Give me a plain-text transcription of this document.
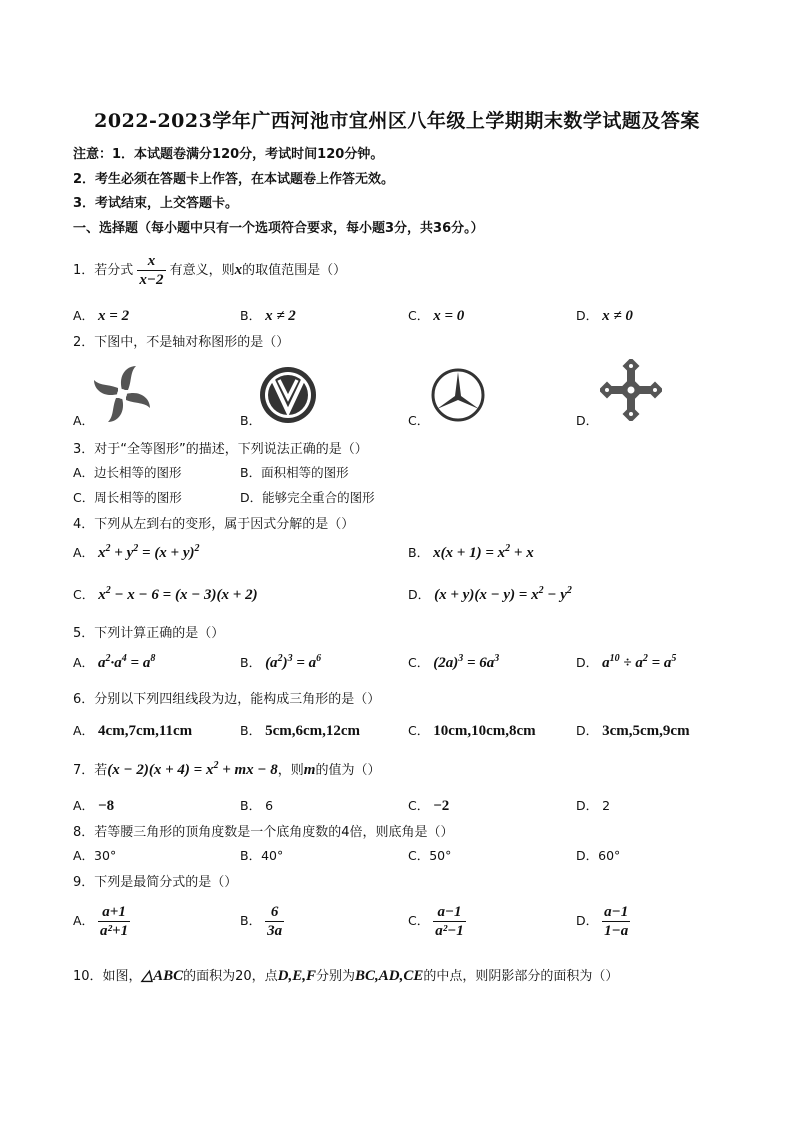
2022-2023学年广西河池市宜州区八年级上学期期末数学试题及答案
注意：1．本试题卷满分120分，考试时间120分钟。
2．考生必须在答题卡上作答，在本试题卷上作答无效。
3．考试结束，上交答题卡。
一、选择题（每小题中只有一个选项符合要求，每小题3分，共36分。）
1．若分式 $\frac{x}{x-2}$ 有意义，则x的取值范围是（）
A． x = 2	B． x ≠ 2	C． x = 0	D． x ≠ 0
2．下图中，不是轴对称图形的是（）
A．	B．	C．	D．
3．对于“全等图形”的描述，下列说法正确的是（）
A．边长相等的图形	B．面积相等的图形
C．周长相等的图形	D．能够完全重合的图形
4．下列从左到右的变形，属于因式分解的是（）
A． $x^2 + y^2 = (x + y)^2$	B． $x(x + 1) = x^2 + x$
C． $x^2 - x - 6 = (x - 3)(x + 2)$	D． $(x + y)(x - y) = x^2 - y^2$
5．下列计算正确的是（）
A． $a^2\cdot a^4 = a^8$	B． $(a^2)^3 = a^6$	C． $(2a)^3 = 6a^3$	D． $a^{10} \div a^2 = a^5$
6．分别以下列四组线段为边，能构成三角形的是（）
A． 4cm,7cm,11cm	B． 5cm,6cm,12cm	C． 10cm,10cm,8cm	D． 3cm,5cm,9cm
7．若$(x - 2)(x + 4) = x^2$ + mx − 8，则m的值为（）
A． −8	B． 6	C． −2	D． 2
8．若等腰三角形的顶角度数是一个底角度数的4倍，则底角是（）
A．30°	B．40°	C．50°	D．60°
9．下列是最简分式的是（）
A． $\frac{a+1}{\text{a²+1}}$	B． $\frac{6}{3a}$	C． $\frac{a-1}{\text{a²−1}}$	D． $\frac{a-1}{1-a}$
10．如图，△ABC的面积为20，点D,E,F分别为BC,AD,CE的中点，则阴影部分的面积为（）
